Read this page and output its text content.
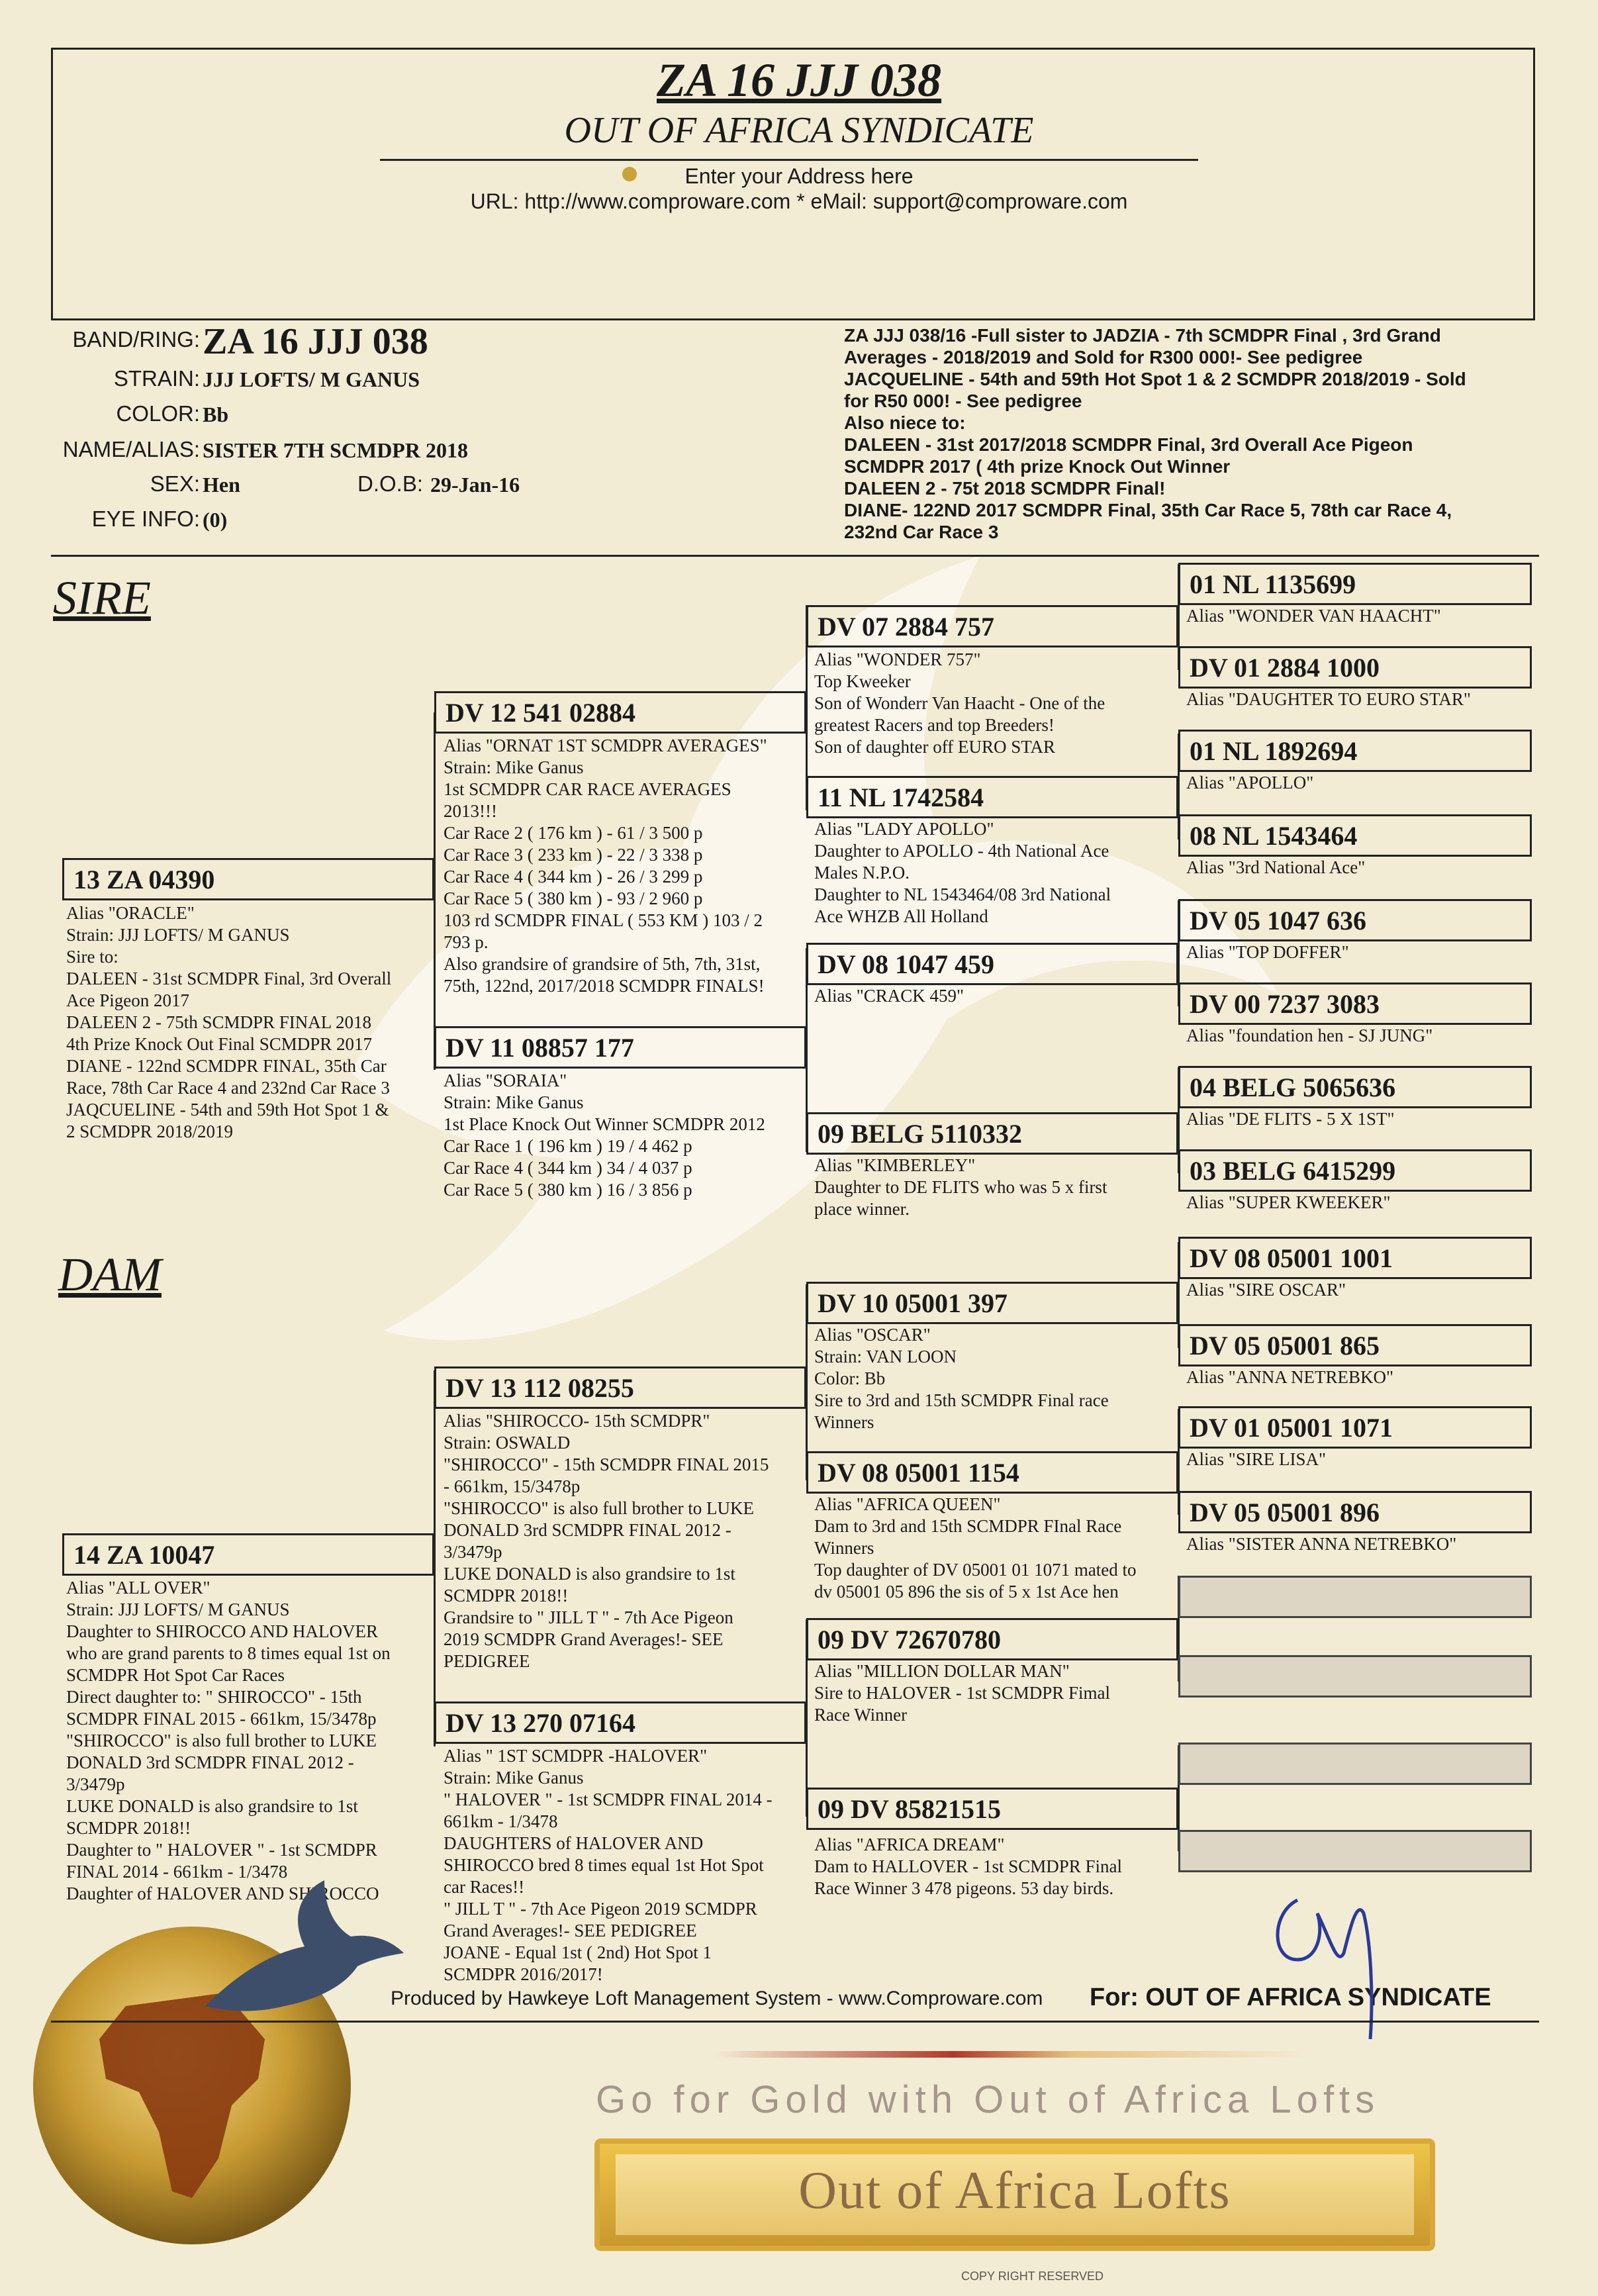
ZA 16 JJJ 038
OUT OF AFRICA SYNDICATE
Enter your Address here
URL: http://www.comproware.com * eMail: support@comproware.com
BAND/RING: ZA 16 JJJ 038
STRAIN: JJJ LOFTS/ M GANUS
COLOR: Bb
NAME/ALIAS: SISTER 7TH SCMDPR 2018
SEX: Hen	D.O.B: 29-Jan-16
EYE INFO: (0)
ZA JJJ 038/16 -Full sister to JADZIA - 7th SCMDPR Final , 3rd Grand
Averages - 2018/2019 and Sold for R300 000!- See pedigree
JACQUELINE - 54th and 59th Hot Spot 1 & 2 SCMDPR 2018/2019 - Sold
for R50 000! - See pedigree
Also niece to:
DALEEN - 31st 2017/2018 SCMDPR Final, 3rd Overall Ace Pigeon
SCMDPR 2017 ( 4th prize Knock Out Winner
DALEEN 2 - 75t 2018 SCMDPR Final!
DIANE- 122ND 2017 SCMDPR Final, 35th Car Race 5, 78th car Race 4,
232nd Car Race 3
SIRE
DAM
13 ZA 04390
Alias "ORACLE"
Strain: JJJ LOFTS/ M GANUS
Sire to:
DALEEN - 31st SCMDPR Final, 3rd Overall
Ace Pigeon 2017
DALEEN 2 - 75th SCMDPR FINAL 2018
4th Prize Knock Out Final SCMDPR 2017
DIANE - 122nd SCMDPR FINAL, 35th Car
Race, 78th Car Race 4 and 232nd Car Race 3
JAQCUELINE - 54th and 59th Hot Spot 1 &
2 SCMDPR 2018/2019
DV 12 541 02884
Alias "ORNAT 1ST SCMDPR AVERAGES"
Strain: Mike Ganus
1st SCMDPR CAR RACE AVERAGES
2013!!!
Car Race 2 ( 176 km ) - 61 / 3 500 p
Car Race 3 ( 233 km ) - 22 / 3 338 p
Car Race 4 ( 344 km ) - 26 / 3 299 p
Car Race 5 ( 380 km ) - 93 / 2 960 p
103 rd SCMDPR FINAL ( 553 KM ) 103 / 2
793 p.
Also grandsire of grandsire of 5th, 7th, 31st,
75th, 122nd, 2017/2018 SCMDPR FINALS!
DV 11 08857 177
Alias "SORAIA"
Strain: Mike Ganus
1st Place Knock Out Winner SCMDPR 2012
Car Race 1 ( 196 km ) 19 / 4 462 p
Car Race 4 ( 344 km ) 34 / 4 037 p
Car Race 5 ( 380 km ) 16 / 3 856 p
DV 07 2884 757
Alias "WONDER 757"
Top Kweeker
Son of Wonderr Van Haacht - One of the
greatest Racers and top Breeders!
Son of daughter off EURO STAR
11 NL 1742584
Alias "LADY APOLLO"
Daughter to APOLLO - 4th National Ace
Males N.P.O.
Daughter to NL 1543464/08 3rd National
Ace WHZB All Holland
DV 08 1047 459
Alias "CRACK 459"
09 BELG 5110332
Alias "KIMBERLEY"
Daughter to DE FLITS who was 5 x first
place winner.
01 NL 1135699
Alias "WONDER VAN HAACHT"
DV 01 2884 1000
Alias "DAUGHTER TO EURO STAR"
01 NL 1892694
Alias "APOLLO"
08 NL 1543464
Alias "3rd National Ace"
DV 05 1047 636
Alias "TOP DOFFER"
DV 00 7237 3083
Alias "foundation hen - SJ JUNG"
04 BELG 5065636
Alias "DE FLITS - 5 X 1ST"
03 BELG 6415299
Alias "SUPER KWEEKER"
14 ZA 10047
Alias "ALL OVER"
Strain: JJJ LOFTS/ M GANUS
Daughter to SHIROCCO AND HALOVER
who are grand parents to 8 times equal 1st on
SCMDPR Hot Spot Car Races
Direct daughter to: " SHIROCCO" - 15th
SCMDPR FINAL 2015 - 661km, 15/3478p
"SHIROCCO" is also full brother to LUKE
DONALD 3rd SCMDPR FINAL 2012 -
3/3479p
LUKE DONALD is also grandsire to 1st
SCMDPR 2018!!
Daughter to " HALOVER " - 1st SCMDPR
FINAL 2014 - 661km - 1/3478
Daughter of HALOVER AND SHIROCCO
DV 13 112 08255
Alias "SHIROCCO- 15th SCMDPR"
Strain: OSWALD
"SHIROCCO" - 15th SCMDPR FINAL 2015
- 661km, 15/3478p
"SHIROCCO" is also full brother to LUKE
DONALD 3rd SCMDPR FINAL 2012 -
3/3479p
LUKE DONALD is also grandsire to 1st
SCMDPR 2018!!
Grandsire to " JILL T " - 7th Ace Pigeon
2019 SCMDPR Grand Averages!- SEE
PEDIGREE
DV 13 270 07164
Alias " 1ST SCMDPR -HALOVER"
Strain: Mike Ganus
" HALOVER " - 1st SCMDPR FINAL 2014 -
661km - 1/3478
DAUGHTERS of HALOVER AND
SHIROCCO bred 8 times equal 1st Hot Spot
car Races!!
" JILL T " - 7th Ace Pigeon 2019 SCMDPR
Grand Averages!- SEE PEDIGREE
JOANE - Equal 1st ( 2nd) Hot Spot 1
SCMDPR 2016/2017!
DV 10 05001 397
Alias "OSCAR"
Strain: VAN LOON
Color: Bb
Sire to 3rd and 15th SCMDPR Final race
Winners
DV 08 05001 1154
Alias "AFRICA QUEEN"
Dam to 3rd and 15th SCMDPR FInal Race
Winners
Top daughter of DV 05001 01 1071 mated to
dv 05001 05 896 the sis of 5 x 1st Ace hen
09 DV 72670780
Alias "MILLION DOLLAR MAN"
Sire to HALOVER - 1st SCMDPR Fimal
Race Winner
09 DV 85821515
Alias "AFRICA DREAM"
Dam to HALLOVER - 1st SCMDPR Final
Race Winner 3 478 pigeons. 53 day birds.
DV 08 05001 1001
Alias "SIRE OSCAR"
DV 05 05001 865
Alias "ANNA NETREBKO"
DV 01 05001 1071
Alias "SIRE LISA"
DV 05 05001 896
Alias "SISTER ANNA NETREBKO"
Produced by Hawkeye Loft Management System - www.Comproware.com For: OUT OF AFRICA SYNDICATE
Go for Gold with Out of Africa Lofts
Out of Africa Lofts
COPY RIGHT RESERVED
